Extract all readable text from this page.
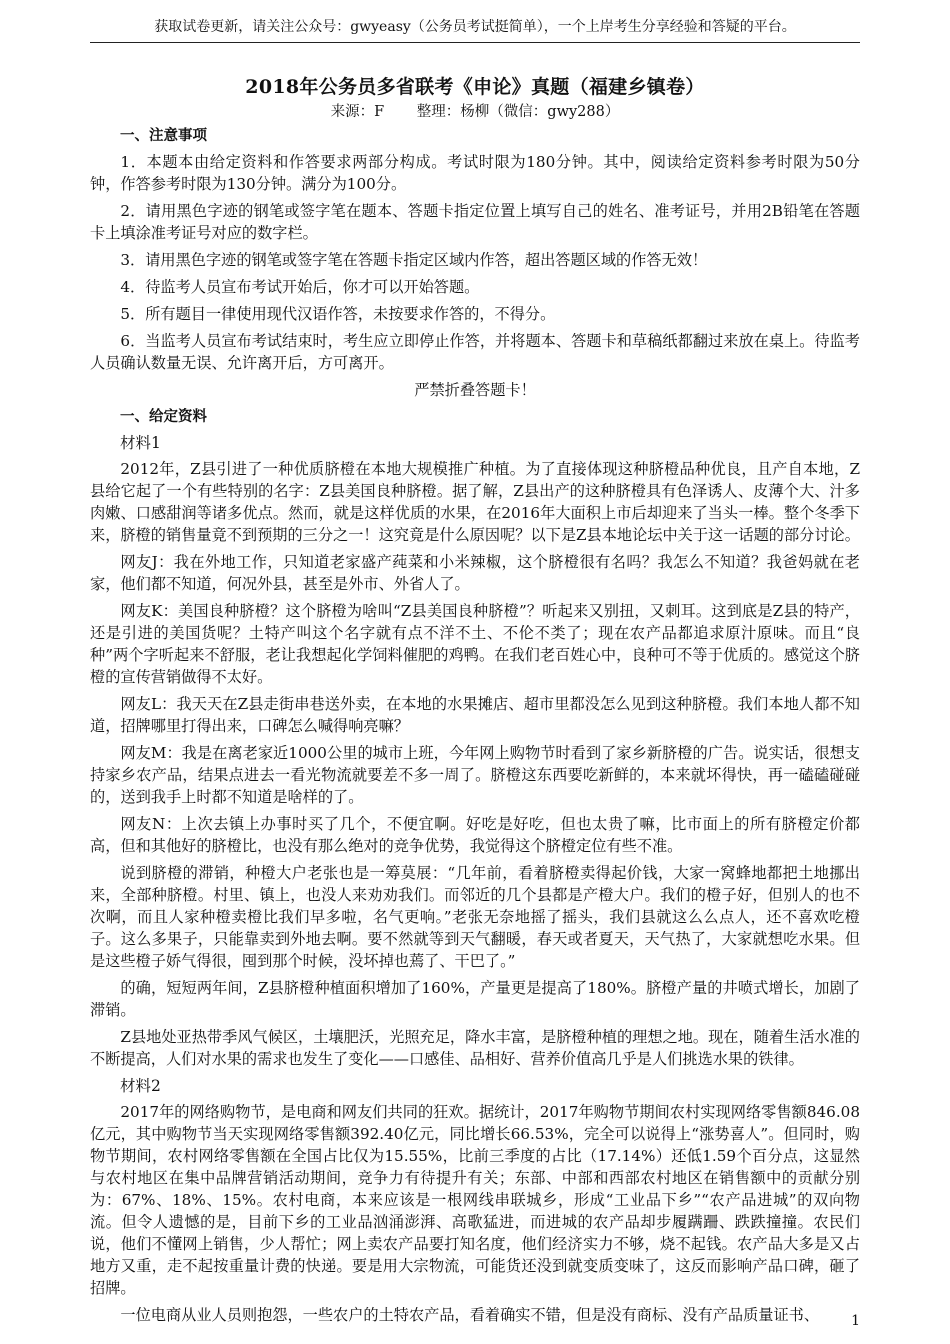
获取试卷更新，请关注公众号：gwyeasy（公务员考试挺简单），一个上岸考生分享经验和答疑的平台。
2018年公务员多省联考《申论》真题（福建乡镇卷）
来源：F 整理：杨柳（微信：gwy288）
一、注意事项

1．本题本由给定资料和作答要求两部分构成。考试时限为180分钟。其中，阅读给定资料参考时限为50分钟，作答参考时限为130分钟。满分为100分。

2．请用黑色字迹的钢笔或签字笔在题本、答题卡指定位置上填写自己的姓名、准考证号，并用2B铅笔在答题卡上填涂准考证号对应的数字栏。

3．请用黑色字迹的钢笔或签字笔在答题卡指定区域内作答，超出答题区域的作答无效！

4．待监考人员宣布考试开始后，你才可以开始答题。

5．所有题目一律使用现代汉语作答，未按要求作答的，不得分。

6．当监考人员宣布考试结束时，考生应立即停止作答，并将题本、答题卡和草稿纸都翻过来放在桌上。待监考人员确认数量无误、允许离开后，方可离开。

严禁折叠答题卡！
一、给定资料
材料1

2012年，Z县引进了一种优质脐橙在本地大规模推广种植。为了直接体现这种脐橙品种优良，且产自本地，Z县给它起了一个有些特别的名字：Z县美国良种脐橙。据了解，Z县出产的这种脐橙具有色泽诱人、皮薄个大、汁多肉嫩、口感甜润等诸多优点。然而，就是这样优质的水果，在2016年大面积上市后却迎来了当头一棒。整个冬季下来，脐橙的销售量竟不到预期的三分之一！这究竟是什么原因呢？以下是Z县本地论坛中关于这一话题的部分讨论。

网友J：我在外地工作，只知道老家盛产莼菜和小米辣椒，这个脐橙很有名吗？我怎么不知道？我爸妈就在老家，他们都不知道，何况外县，甚至是外市、外省人了。

网友K：美国良种脐橙？这个脐橙为啥叫“Z县美国良种脐橙”？听起来又别扭，又刺耳。这到底是Z县的特产，还是引进的美国货呢？土特产叫这个名字就有点不洋不土、不伦不类了；现在农产品都追求原汁原味。而且“良种”两个字听起来不舒服，老让我想起化学饲料催肥的鸡鸭。在我们老百姓心中，良种可不等于优质的。感觉这个脐橙的宣传营销做得不太好。

网友L：我天天在Z县走街串巷送外卖，在本地的水果摊店、超市里都没怎么见到这种脐橙。我们本地人都不知道，招牌哪里打得出来，口碑怎么喊得响亮嘛？

网友M：我是在离老家近1000公里的城市上班，今年网上购物节时看到了家乡新脐橙的广告。说实话，很想支持家乡农产品，结果点进去一看光物流就要差不多一周了。脐橙这东西要吃新鲜的，本来就坏得快，再一磕磕碰碰的，送到我手上时都不知道是啥样的了。

网友N：上次去镇上办事时买了几个，不便宜啊。好吃是好吃，但也太贵了嘛，比市面上的所有脐橙定价都高，但和其他好的脐橙比，也没有那么绝对的竞争优势，我觉得这个脐橙定位有些不准。

说到脐橙的滞销，种橙大户老张也是一筹莫展：“几年前，看着脐橙卖得起价钱，大家一窝蜂地都把土地挪出来，全部种脐橙。村里、镇上，也没人来劝劝我们。而邻近的几个县都是产橙大户。我们的橙子好，但别人的也不次啊，而且人家种橙卖橙比我们早多啦，名气更响。”老张无奈地摇了摇头，我们县就这么么点人，还不喜欢吃橙子。这么多果子，只能靠卖到外地去啊。要不然就等到天气翻暖，春天或者夏天，天气热了，大家就想吃水果。但是这些橙子娇气得很，囤到那个时候，没坏掉也蔫了、干巴了。”

的确，短短两年间，Z县脐橙种植面积增加了160%，产量更是提高了180%。脐橙产量的井喷式增长，加剧了滞销。

Z县地处亚热带季风气候区，土壤肥沃，光照充足，降水丰富，是脐橙种植的理想之地。现在，随着生活水准的不断提高，人们对水果的需求也发生了变化——口感佳、品相好、营养价值高几乎是人们挑选水果的铁律。

材料2

2017年的网络购物节，是电商和网友们共同的狂欢。据统计，2017年购物节期间农村实现网络零售额846.08亿元，其中购物节当天实现网络零售额392.40亿元，同比增长66.53%，完全可以说得上“涨势喜人”。但同时，购物节期间，农村网络零售额在全国占比仅为15.55%，比前三季度的占比（17.14%）还低1.59个百分点，这显然与农村地区在集中品牌营销活动期间，竞争力有待提升有关；东部、中部和西部农村地区在销售额中的贡献分别为：67%、18%、15%。农村电商，本来应该是一根网线串联城乡，形成“工业品下乡”“农产品进城”的双向物流。但令人遗憾的是，目前下乡的工业品汹涌澎湃、高歌猛进，而进城的农产品却步履蹒跚、跌跌撞撞。农民们说，他们不懂网上销售，少人帮忙；网上卖农产品要打知名度，他们经济实力不够，烧不起钱。农产品大多是又占地方又重，走不起按重量计费的快递。要是用大宗物流，可能货还没到就变质变味了，这反而影响产品口碑，砸了招牌。

一位电商从业人员则抱怨，一些农户的土特农产品，看着确实不错，但是没有商标、没有产品质量证书、	1
